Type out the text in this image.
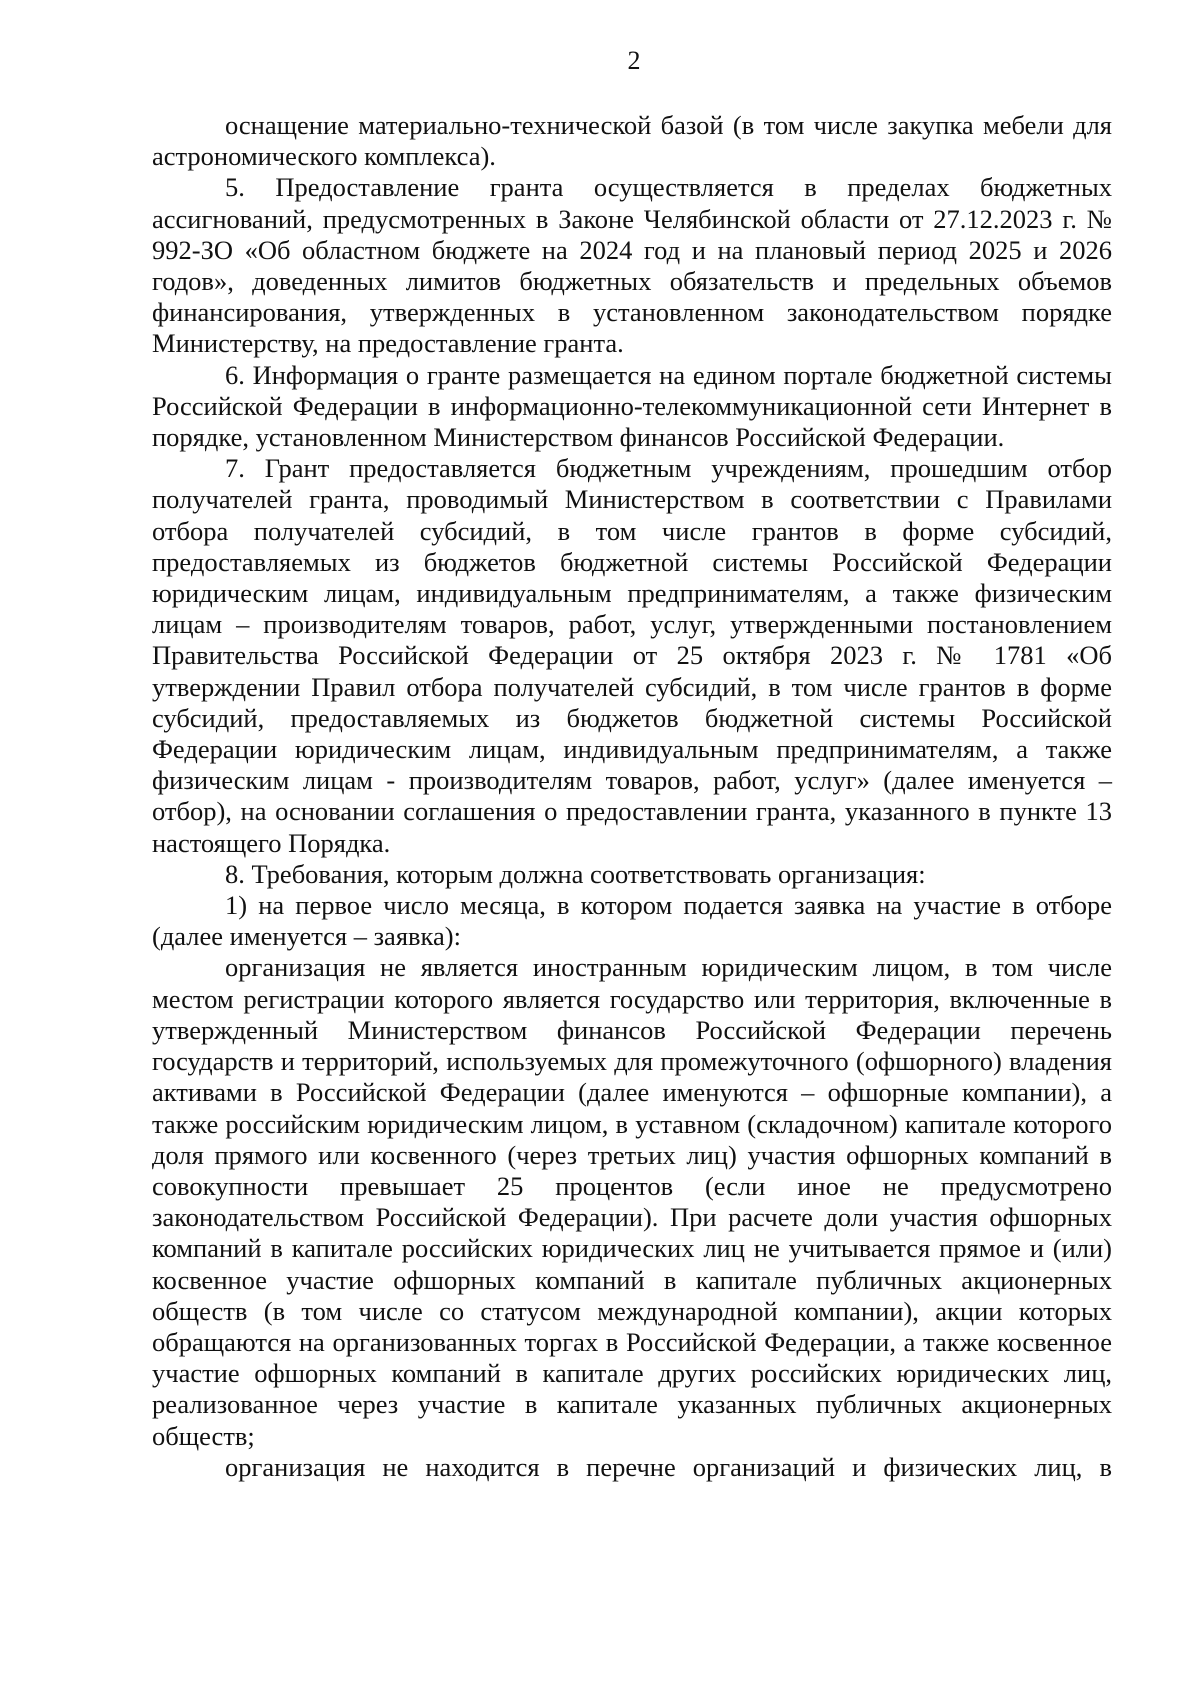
2

оснащение материально-технической базой (в том числе закупка мебели для астрономического комплекса).

5. Предоставление гранта осуществляется в пределах бюджетных ассигнований, предусмотренных в Законе Челябинской области от 27.12.2023 г. № 992-ЗО «Об областном бюджете на 2024 год и на плановый период 2025 и 2026 годов», доведенных лимитов бюджетных обязательств и предельных объемов финансирования, утвержденных в установленном законодательством порядке Министерству, на предоставление гранта.

6. Информация о гранте размещается на едином портале бюджетной системы Российской Федерации в информационно-телекоммуникационной сети Интернет в порядке, установленном Министерством финансов Российской Федерации.

7. Грант предоставляется бюджетным учреждениям, прошедшим отбор получателей гранта, проводимый Министерством в соответствии с Правилами отбора получателей субсидий, в том числе грантов в форме субсидий, предоставляемых из бюджетов бюджетной системы Российской Федерации юридическим лицам, индивидуальным предпринимателям, а также физическим лицам – производителям товаров, работ, услуг, утвержденными постановлением Правительства Российской Федерации от 25 октября 2023 г. № 1781 «Об утверждении Правил отбора получателей субсидий, в том числе грантов в форме субсидий, предоставляемых из бюджетов бюджетной системы Российской Федерации юридическим лицам, индивидуальным предпринимателям, а также физическим лицам - производителям товаров, работ, услуг» (далее именуется – отбор), на основании соглашения о предоставлении гранта, указанного в пункте 13 настоящего Порядка.

8. Требования, которым должна соответствовать организация:

1) на первое число месяца, в котором подается заявка на участие в отборе (далее именуется – заявка):

организация не является иностранным юридическим лицом, в том числе местом регистрации которого является государство или территория, включенные в утвержденный Министерством финансов Российской Федерации перечень государств и территорий, используемых для промежуточного (офшорного) владения активами в Российской Федерации (далее именуются – офшорные компании), а также российским юридическим лицом, в уставном (складочном) капитале которого доля прямого или косвенного (через третьих лиц) участия офшорных компаний в совокупности превышает 25 процентов (если иное не предусмотрено законодательством Российской Федерации). При расчете доли участия офшорных компаний в капитале российских юридических лиц не учитывается прямое и (или) косвенное участие офшорных компаний в капитале публичных акционерных обществ (в том числе со статусом международной компании), акции которых обращаются на организованных торгах в Российской Федерации, а также косвенное участие офшорных компаний в капитале других российских юридических лиц, реализованное через участие в капитале указанных публичных акционерных обществ;

организация не находится в перечне организаций и физических лиц, в
